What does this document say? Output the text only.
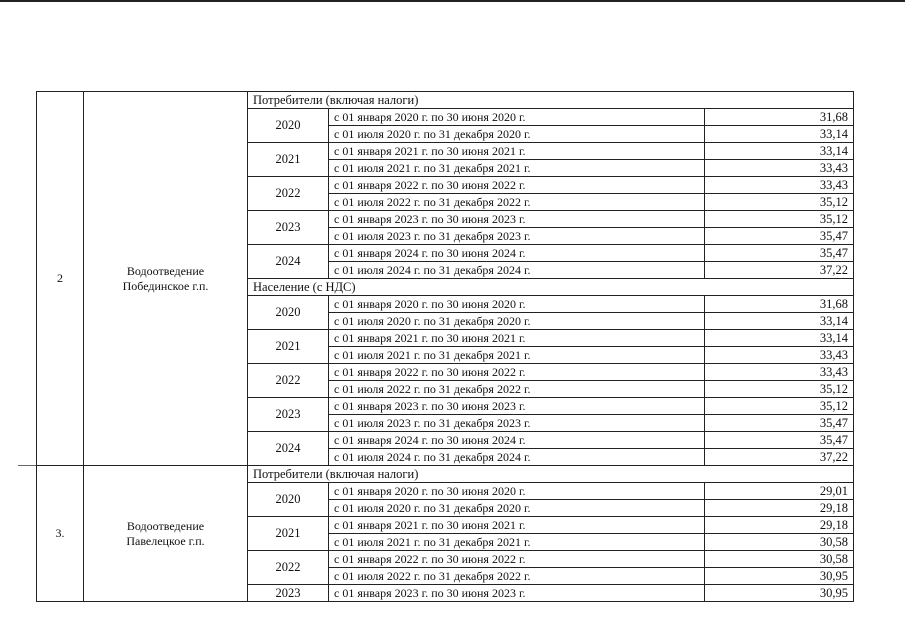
2	Водоотведение
Побединское г.п.	Потребители (включая налоги)		
		2020	с 01 января 2020 г. по 30 июня 2020 г.	31,68
			с 01 июля 2020 г. по 31 декабря 2020 г.	33,14
		2021	с 01 января 2021 г. по 30 июня 2021 г.	33,14
			с 01 июля 2021 г. по 31 декабря 2021 г.	33,43
		2022	с 01 января 2022 г. по 30 июня 2022 г.	33,43
			с 01 июля 2022 г. по 31 декабря 2022 г.	35,12
		2023	с 01 января 2023 г. по 30 июня 2023 г.	35,12
			с 01 июля 2023 г. по 31 декабря 2023 г.	35,47
		2024	с 01 января 2024 г. по 30 июня 2024 г.	35,47
			с 01 июля 2024 г. по 31 декабря 2024 г.	37,22
		Население (с НДС)		
		2020	с 01 января 2020 г. по 30 июня 2020 г.	31,68
			с 01 июля 2020 г. по 31 декабря 2020 г.	33,14
		2021	с 01 января 2021 г. по 30 июня 2021 г.	33,14
			с 01 июля 2021 г. по 31 декабря 2021 г.	33,43
		2022	с 01 января 2022 г. по 30 июня 2022 г.	33,43
			с 01 июля 2022 г. по 31 декабря 2022 г.	35,12
		2023	с 01 января 2023 г. по 30 июня 2023 г.	35,12
			с 01 июля 2023 г. по 31 декабря 2023 г.	35,47
		2024	с 01 января 2024 г. по 30 июня 2024 г.	35,47
			с 01 июля 2024 г. по 31 декабря 2024 г.	37,22
3.	Водоотведение
Павелецкое г.п.	Потребители (включая налоги)		
		2020	с 01 января 2020 г. по 30 июня 2020 г.	29,01
			с 01 июля 2020 г. по 31 декабря 2020 г.	29,18
		2021	с 01 января 2021 г. по 30 июня 2021 г.	29,18
			с 01 июля 2021 г. по 31 декабря 2021 г.	30,58
		2022	с 01 января 2022 г. по 30 июня 2022 г.	30,58
			с 01 июля 2022 г. по 31 декабря 2022 г.	30,95
		2023	с 01 января 2023 г. по 30 июня 2023 г.	30,95
